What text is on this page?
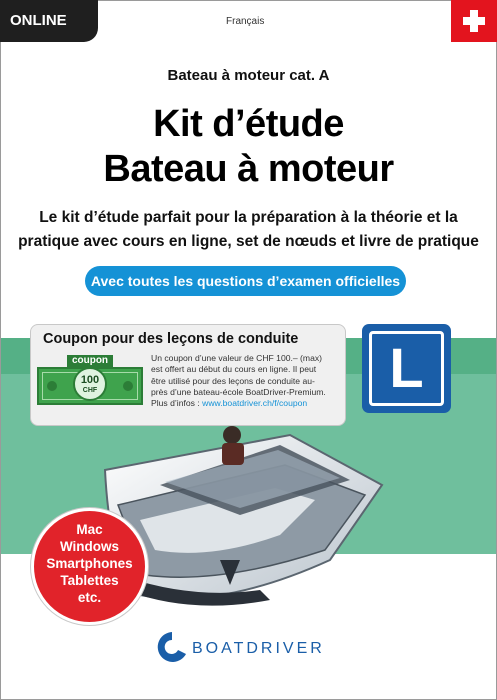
ONLINE	Français
Bateau à moteur cat. A
Kit d’étude
Bateau à moteur
Le kit d’étude parfait pour la préparation à la théorie et la
pratique avec cours en ligne, set de nœuds et livre de pratique
Avec toutes les questions d’examen officielles
Coupon pour des leçons de conduite
100
CHF
coupon	Un coupon d’une valeur de CHF 100.– (max)
est offert au début du cours en ligne. Il peut
être utilisé pour des leçons de conduite au-
près d’une bateau-école BoatDriver-Premium.
Plus d’infos : www.boatdriver.ch/f/coupon
L
Mac
Windows
Smartphones
Tablettes
etc.
BOATDRIVER
